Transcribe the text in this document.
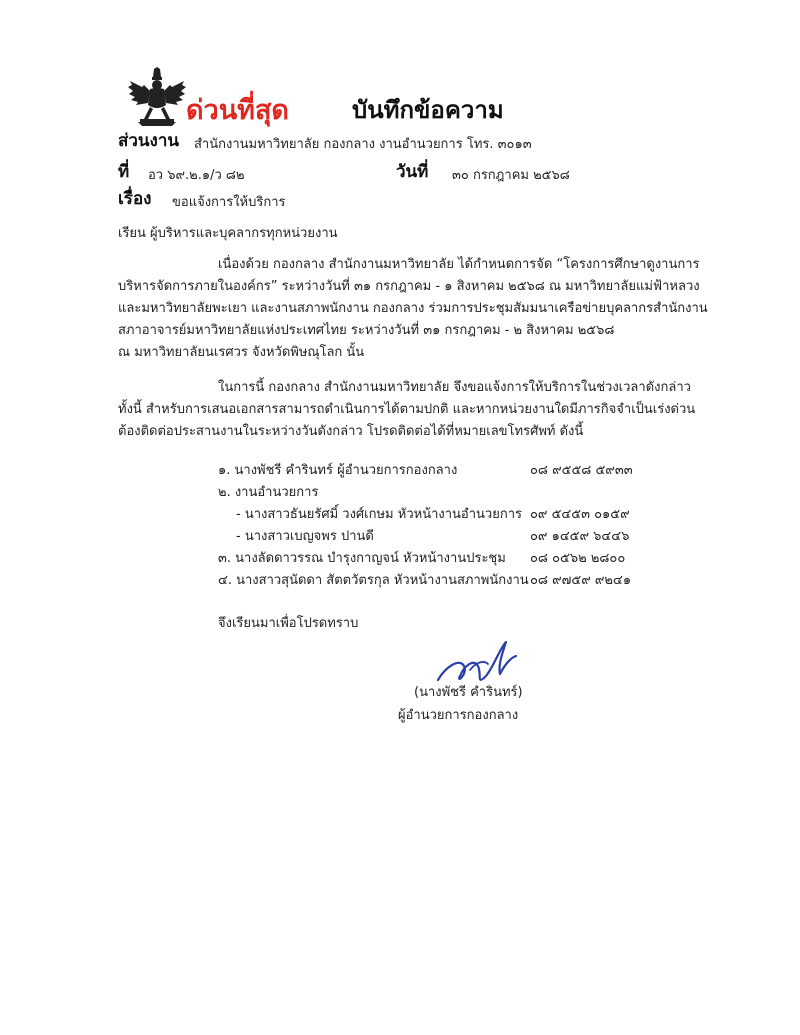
ด่วนที่สุด	บันทึกข้อความ
ส่วนงาน สำนักงานมหาวิทยาลัย กองกลาง งานอำนวยการ โทร. ๓๐๑๓
ที่ อว ๖๙.๒.๑/ว ๘๒	วันที่ ๓๐ กรกฎาคม ๒๕๖๘
เรื่อง ขอแจ้งการให้บริการ
เรียน ผู้บริหารและบุคลากรทุกหน่วยงาน
เนื่องด้วย กองกลาง สำนักงานมหาวิทยาลัย ได้กำหนดการจัด “โครงการศึกษาดูงานการ
บริหารจัดการภายในองค์กร” ระหว่างวันที่ ๓๑ กรกฎาคม - ๑ สิงหาคม ๒๕๖๘ ณ มหาวิทยาลัยแม่ฟ้าหลวง
และมหาวิทยาลัยพะเยา และงานสภาพนักงาน กองกลาง ร่วมการประชุมสัมมนาเครือข่ายบุคลากรสำนักงาน
สภาอาจารย์มหาวิทยาลัยแห่งประเทศไทย ระหว่างวันที่ ๓๑ กรกฎาคม - ๒ สิงหาคม ๒๕๖๘
ณ มหาวิทยาลัยนเรศวร จังหวัดพิษณุโลก นั้น
ในการนี้ กองกลาง สำนักงานมหาวิทยาลัย จึงขอแจ้งการให้บริการในช่วงเวลาดังกล่าว
ทั้งนี้ สำหรับการเสนอเอกสารสามารถดำเนินการได้ตามปกติ และหากหน่วยงานใดมีภารกิจจำเป็นเร่งด่วน
ต้องติดต่อประสานงานในระหว่างวันดังกล่าว โปรดติดต่อได้ที่หมายเลขโทรศัพท์ ดังนี้
๑. นางพัชรี คำรินทร์ ผู้อำนวยการกองกลาง	๐๘ ๙๕๕๘ ๕๙๓๓
๒. งานอำนวยการ
- นางสาวธันยรัศมิ์ วงศ์เกษม หัวหน้างานอำนวยการ ๐๙ ๕๔๕๓ ๐๑๕๙
- นางสาวเบญจพร ปานดี	๐๙ ๑๔๕๙ ๖๔๔๖
๓. นางลัดดาวรรณ บำรุงกาญจน์ หัวหน้างานประชุม ๐๘ ๐๕๖๒ ๒๘๐๐
๔. นางสาวสุนัดดา สัตตวัตรกุล หัวหน้างานสภาพนักงาน ๐๘ ๙๗๕๙ ๙๒๔๑
จึงเรียนมาเพื่อโปรดทราบ
(นางพัชรี คำรินทร์)
ผู้อำนวยการกองกลาง
